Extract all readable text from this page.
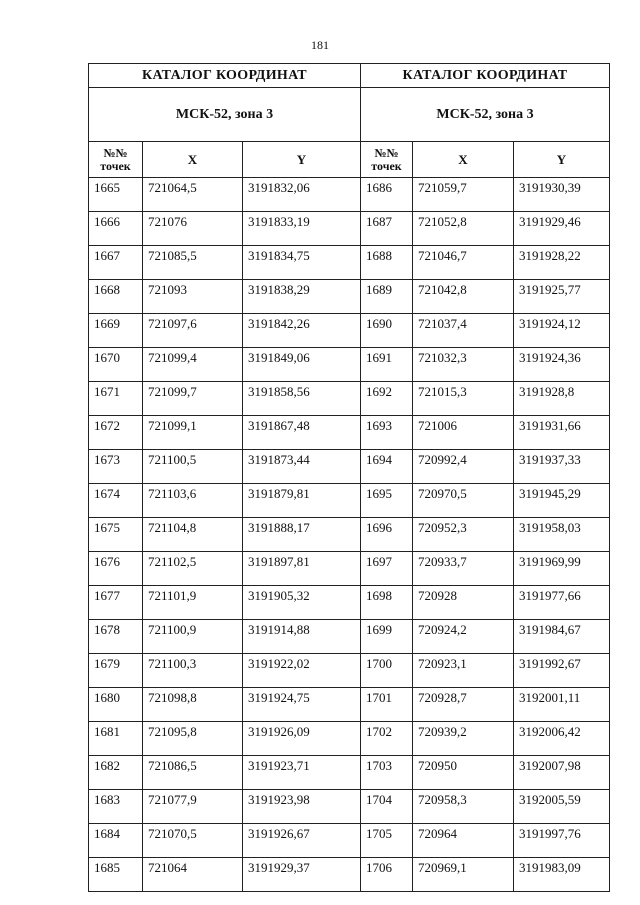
181
КАТАЛОГ КООРДИНАТ		
МСК-52, зона 3		
№№ точек	X	Y
1665	721064,5	3191832,06
1666	721076	3191833,19
1667	721085,5	3191834,75
1668	721093	3191838,29
1669	721097,6	3191842,26
1670	721099,4	3191849,06
1671	721099,7	3191858,56
1672	721099,1	3191867,48
1673	721100,5	3191873,44
1674	721103,6	3191879,81
1675	721104,8	3191888,17
1676	721102,5	3191897,81
1677	721101,9	3191905,32
1678	721100,9	3191914,88
1679	721100,3	3191922,02
1680	721098,8	3191924,75
1681	721095,8	3191926,09
1682	721086,5	3191923,71
1683	721077,9	3191923,98
1684	721070,5	3191926,67
1685	721064	3191929,37
КАТАЛОГ КООРДИНАТ		
МСК-52, зона 3		
№№ точек	X	Y
1686	721059,7	3191930,39
1687	721052,8	3191929,46
1688	721046,7	3191928,22
1689	721042,8	3191925,77
1690	721037,4	3191924,12
1691	721032,3	3191924,36
1692	721015,3	3191928,8
1693	721006	3191931,66
1694	720992,4	3191937,33
1695	720970,5	3191945,29
1696	720952,3	3191958,03
1697	720933,7	3191969,99
1698	720928	3191977,66
1699	720924,2	3191984,67
1700	720923,1	3191992,67
1701	720928,7	3192001,11
1702	720939,2	3192006,42
1703	720950	3192007,98
1704	720958,3	3192005,59
1705	720964	3191997,76
1706	720969,1	3191983,09
